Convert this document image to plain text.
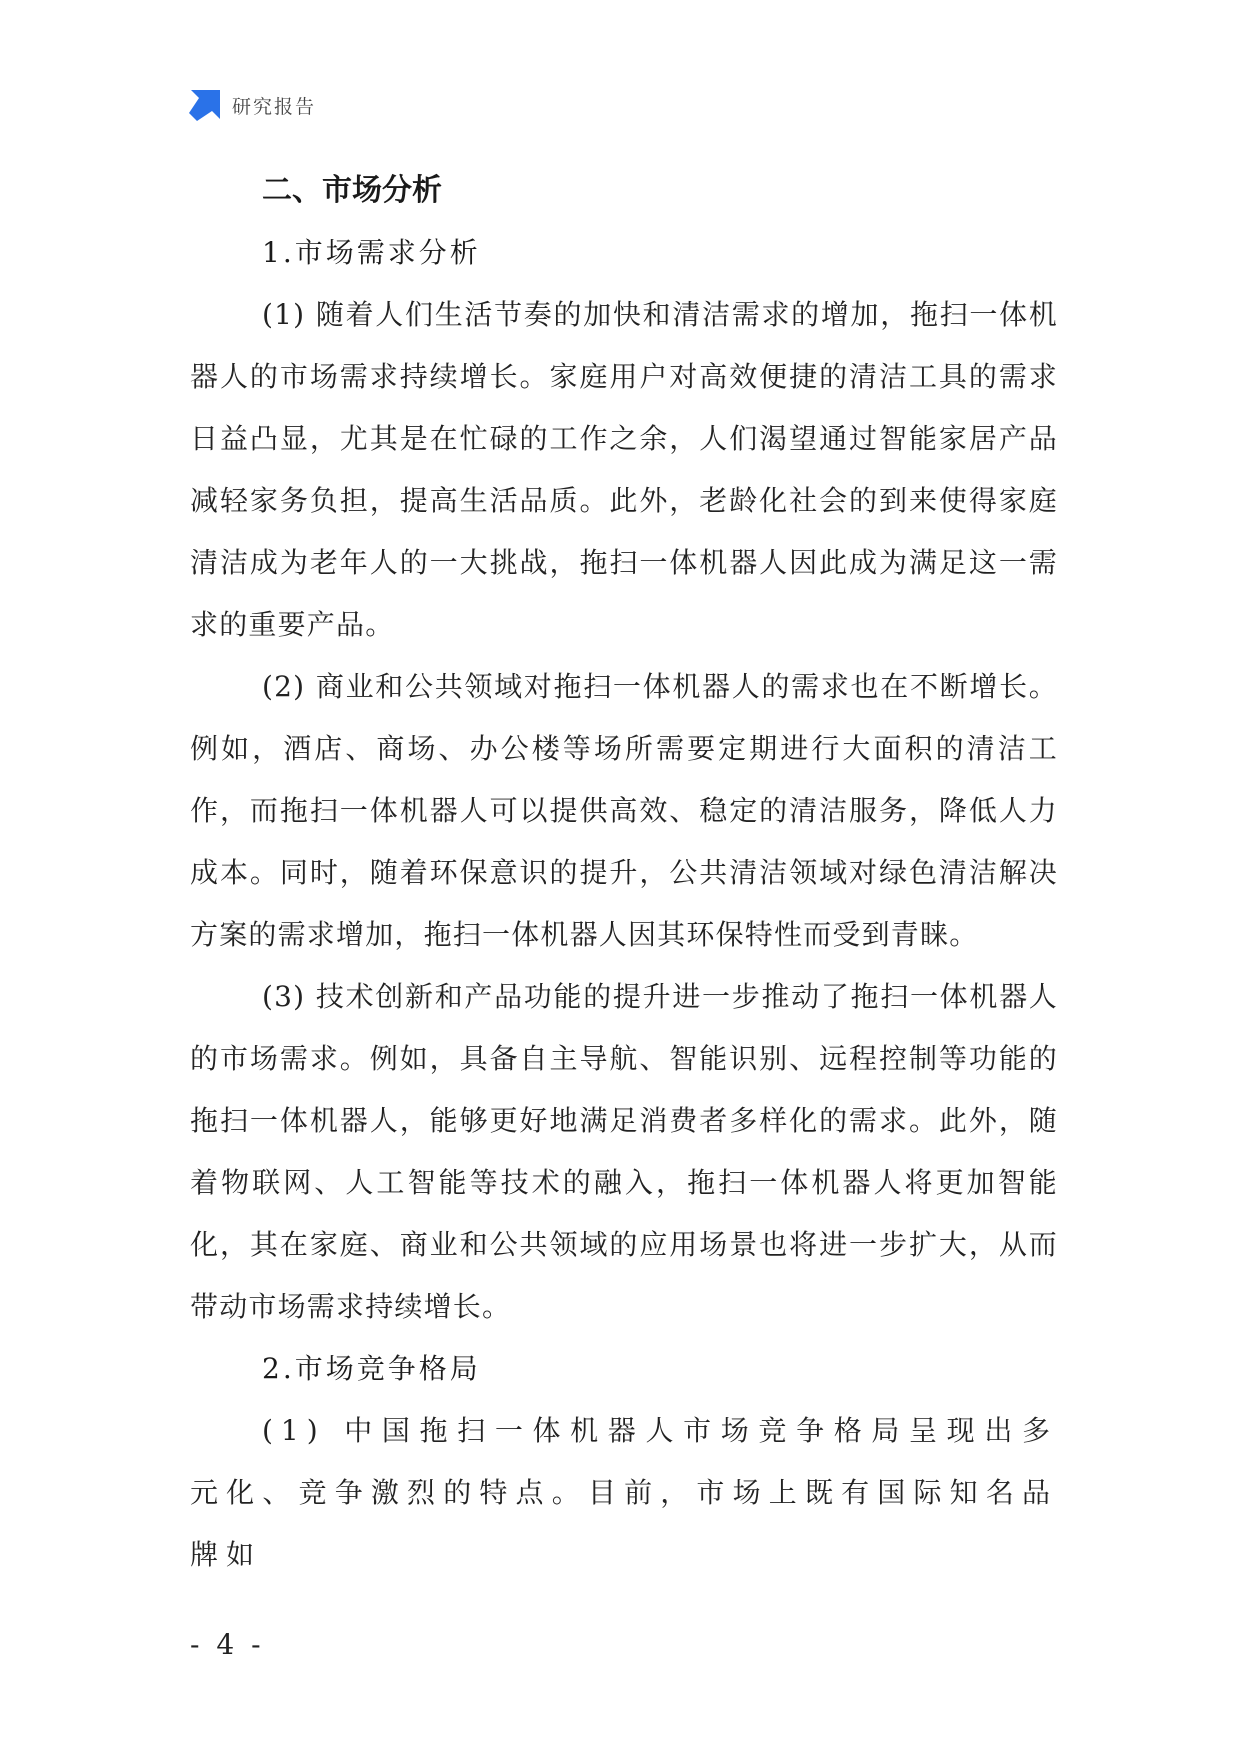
研究报告
二、市场分析
1.市场需求分析

(1) 随着人们生活节奏的加快和清洁需求的增加，拖扫一体机器人的市场需求持续增长。家庭用户对高效便捷的清洁工具的需求日益凸显，尤其是在忙碌的工作之余，人们渴望通过智能家居产品减轻家务负担，提高生活品质。此外，老龄化社会的到来使得家庭清洁成为老年人的一大挑战，拖扫一体机器人因此成为满足这一需求的重要产品。

(2) 商业和公共领域对拖扫一体机器人的需求也在不断增长。例如，酒店、商场、办公楼等场所需要定期进行大面积的清洁工作，而拖扫一体机器人可以提供高效、稳定的清洁服务，降低人力成本。同时，随着环保意识的提升，公共清洁领域对绿色清洁解决方案的需求增加，拖扫一体机器人因其环保特性而受到青睐。

(3) 技术创新和产品功能的提升进一步推动了拖扫一体机器人的市场需求。例如，具备自主导航、智能识别、远程控制等功能的拖扫一体机器人，能够更好地满足消费者多样化的需求。此外，随着物联网、人工智能等技术的融入，拖扫一体机器人将更加智能化，其在家庭、商业和公共领域的应用场景也将进一步扩大，从而带动市场需求持续增长。

2.市场竞争格局

(1) 中国拖扫一体机器人市场竞争格局呈现出多元化、竞争激烈的特点。目前，市场上既有国际知名品牌如

- 4 -
